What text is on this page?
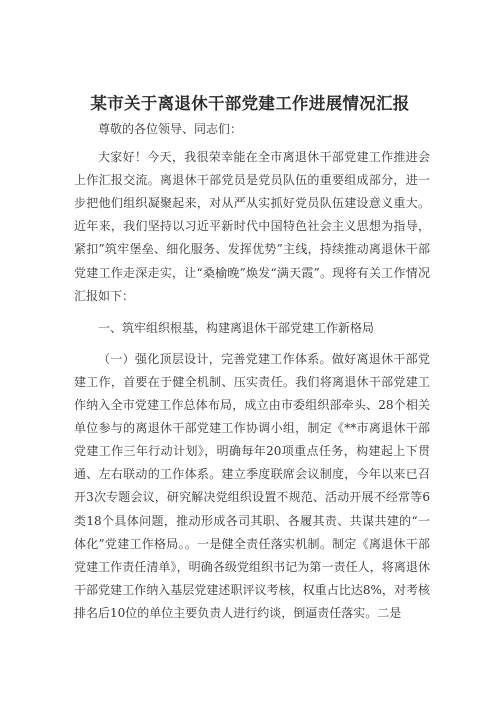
某市关于离退休干部党建工作进展情况汇报

尊敬的各位领导、同志们：

大家好！今天，我很荣幸能在全市离退休干部党建工作推进会上作汇报交流。离退休干部党员是党员队伍的重要组成部分，进一步把他们组织凝聚起来，对从严从实抓好党员队伍建设意义重大。近年来，我们坚持以习近平新时代中国特色社会主义思想为指导，紧扣”筑牢堡垒、细化服务、发挥优势”主线，持续推动离退休干部党建工作走深走实，让“桑榆晚”焕发“满天霞”。现将有关工作情况汇报如下：

一、筑牢组织根基，构建离退休干部党建工作新格局

（一）强化顶层设计，完善党建工作体系。做好离退休干部党建工作，首要在于健全机制、压实责任。我们将离退休干部党建工作纳入全市党建工作总体布局，成立由市委组织部牵头、28个相关单位参与的离退休干部党建工作协调小组，制定《**市离退休干部党建工作三年行动计划》，明确每年20项重点任务，构建起上下贯通、左右联动的工作体系。建立季度联席会议制度，今年以来已召开3次专题会议，研究解决党组织设置不规范、活动开展不经常等6类18个具体问题，推动形成各司其职、各履其责、共谋共建的“一体化”党建工作格局。。一是健全责任落实机制。制定《离退休干部党建工作责任清单》，明确各级党组织书记为第一责任人，将离退休干部党建工作纳入基层党建述职评议考核，权重占比达8%，对考核排名后10位的单位主要负责人进行约谈，倒逼责任落实。二是
